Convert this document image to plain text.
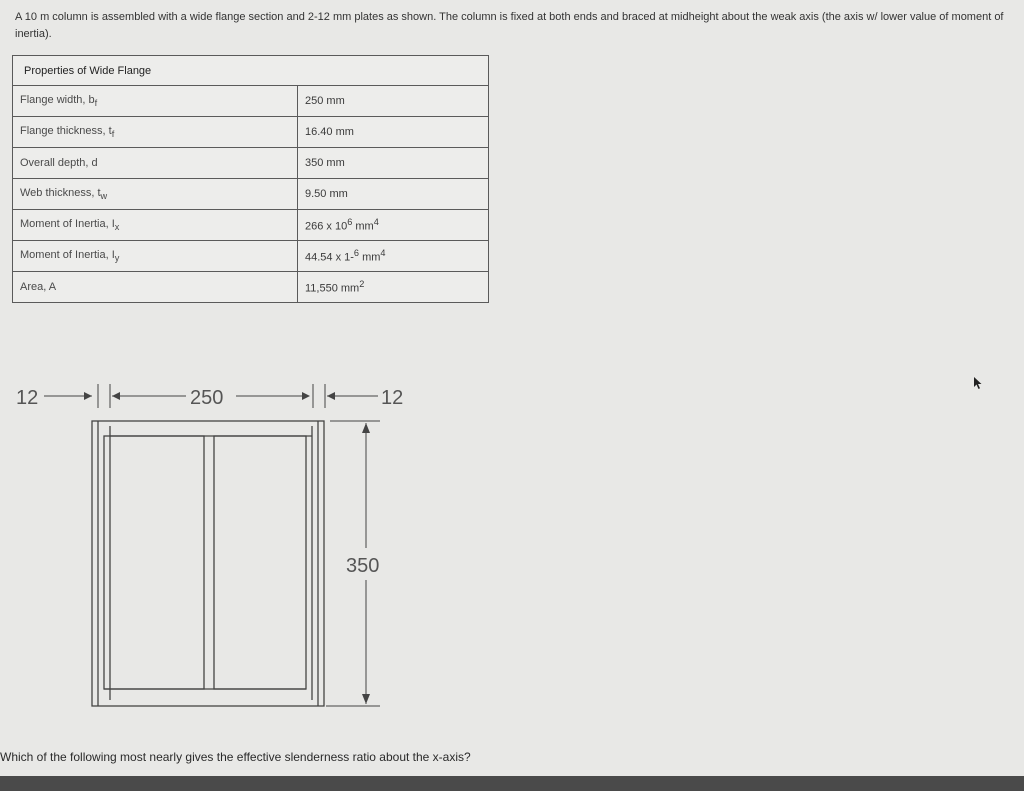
A 10 m column is assembled with a wide flange section and 2-12 mm plates as shown. The column is fixed at both ends and braced at midheight about the weak axis (the axis w/ lower value of moment of inertia).
Properties of Wide Flange	
Flange width, $b_f$	250 mm
Flange thickness, $t_f$	16.40 mm
Overall depth, d	350 mm
Web thickness, $t_w$	9.50 mm
Moment of Inertia, $I_x$	266 x $10^6$ $mm^4$
Moment of Inertia, $I_y$	44.54 x 1-$^6$ $mm^4$
Area, A	11,550 $mm^2$
12	250	12
350
Which of the following most nearly gives the effective slenderness ratio about the x-axis?
